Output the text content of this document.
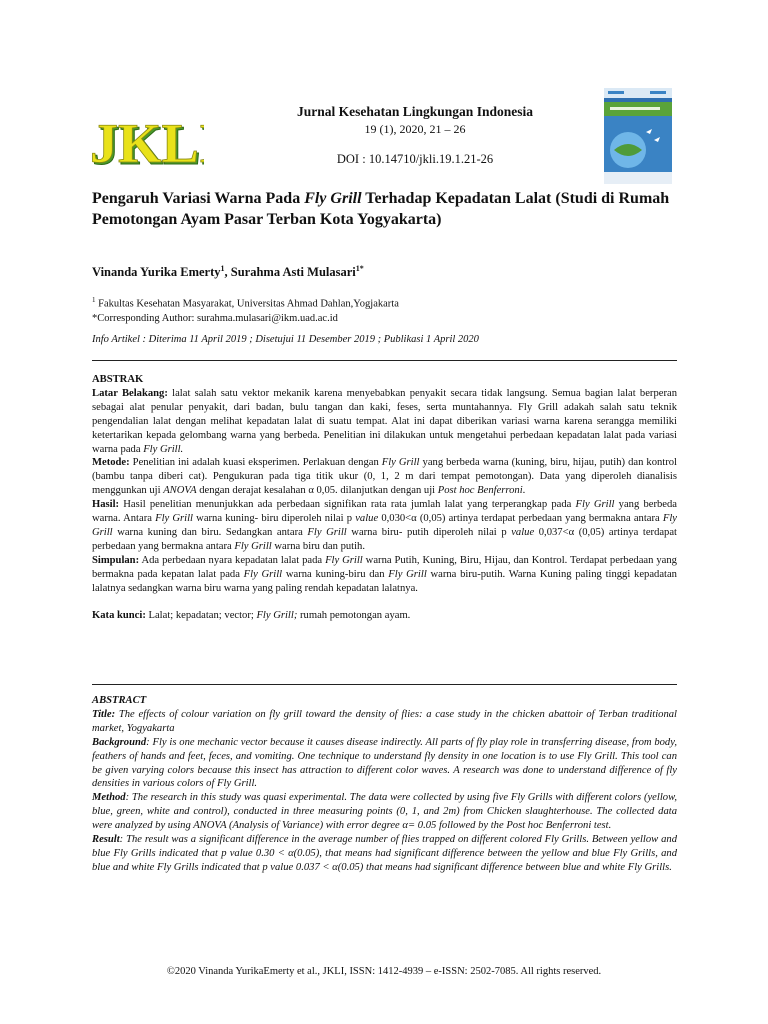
JKL
JKL
Jurnal Kesehatan Lingkungan Indonesia
19 (1), 2020, 21 – 26
DOI : 10.14710/jkli.19.1.21-26
Pengaruh Variasi Warna Pada Fly Grill Terhadap Kepadatan Lalat (Studi di Rumah Pemotongan Ayam Pasar Terban Kota Yogyakarta)
Vinanda Yurika Emerty$^1$, Surahma Asti Mulasari$^{1*}$
$^1$ Fakultas Kesehatan Masyarakat, Universitas Ahmad Dahlan,Yogjakarta
*Corresponding Author: surahma.mulasari@ikm.uad.ac.id
Info Artikel : Diterima 11 April 2019 ; Disetujui 11 Desember 2019 ; Publikasi 1 April 2020
ABSTRAK
Latar Belakang: lalat salah satu vektor mekanik karena menyebabkan penyakit secara tidak langsung. Semua bagian lalat berperan sebagai alat penular penyakit, dari badan, bulu tangan dan kaki, feses, serta muntahannya. Fly Grill adakah salah satu teknik pengendalian lalat dengan melihat kepadatan lalat di suatu tempat. Alat ini dapat diberikan variasi warna karena serangga memiliki ketertarikan kepada gelombang warna yang berbeda. Penelitian ini dilakukan untuk mengetahui perbedaan kepadatan lalat pada variasi warna pada Fly Grill.
Metode: Penelitian ini adalah kuasi eksperimen. Perlakuan dengan Fly Grill yang berbeda warna (kuning, biru, hijau, putih) dan kontrol (bambu tanpa diberi cat). Pengukuran pada tiga titik ukur (0, 1, 2 m dari tempat pemotongan). Data yang diperoleh dianalisis menggunkan uji ANOVA dengan derajat kesalahan α 0,05. dilanjutkan dengan uji Post hoc Benferroni.
Hasil: Hasil penelitian menunjukkan ada perbedaan signifikan rata rata jumlah lalat yang terperangkap pada Fly Grill yang berbeda warna. Antara Fly Grill warna kuning- biru diperoleh nilai p value 0,030<α (0,05) artinya terdapat perbedaan yang bermakna antara Fly Grill warna kuning dan biru. Sedangkan antara Fly Grill warna biru- putih diperoleh nilai p value 0,037<α (0,05) artinya terdapat perbedaan yang bermakna antara Fly Grill warna biru dan putih.
Simpulan: Ada perbedaan nyara kepadatan lalat pada Fly Grill warna Putih, Kuning, Biru, Hijau, dan Kontrol. Terdapat perbedaan yang bermakna pada kepatan lalat pada Fly Grill warna kuning-biru dan Fly Grill warna biru-putih. Warna Kuning paling tinggi kepadatan lalatnya sedangkan warna biru warna yang paling rendah kepadatan lalatnya.
Kata kunci: Lalat; kepadatan; vector; Fly Grill; rumah pemotongan ayam.
ABSTRACT
Title: The effects of colour variation on fly grill toward the density of flies: a case study in the chicken abattoir of Terban traditional market, Yogyakarta
Background: Fly is one mechanic vector because it causes disease indirectly. All parts of fly play role in transferring disease, from body, feathers of hands and feet, feces, and vomiting. One technique to understand fly density in one location is to use Fly Grill. This tool can be given varying colors because this insect has attraction to different color waves. A research was done to understand difference of fly densities in various colors of Fly Grill.
Method: The research in this study was quasi experimental. The data were collected by using five Fly Grills with different colors (yellow, blue, green, white and control), conducted in three measuring points (0, 1, and 2m) from Chicken slaughterhouse. The collected data were analyzed by using ANOVA (Analysis of Variance) with error degree α= 0.05 followed by the Post hoc Benferroni test.
Result: The result was a significant difference in the average number of flies trapped on different colored Fly Grills. Between yellow and blue Fly Grills indicated that p value 0.30 < α(0.05), that means had significant difference between the yellow and blue Fly Grills, and blue and white Fly Grills indicated that p value 0.037 < α(0.05) that means had significant difference between blue and white Fly Grills.
©2020 Vinanda YurikaEmerty et al., JKLI, ISSN: 1412-4939 – e-ISSN: 2502-7085. All rights reserved.
